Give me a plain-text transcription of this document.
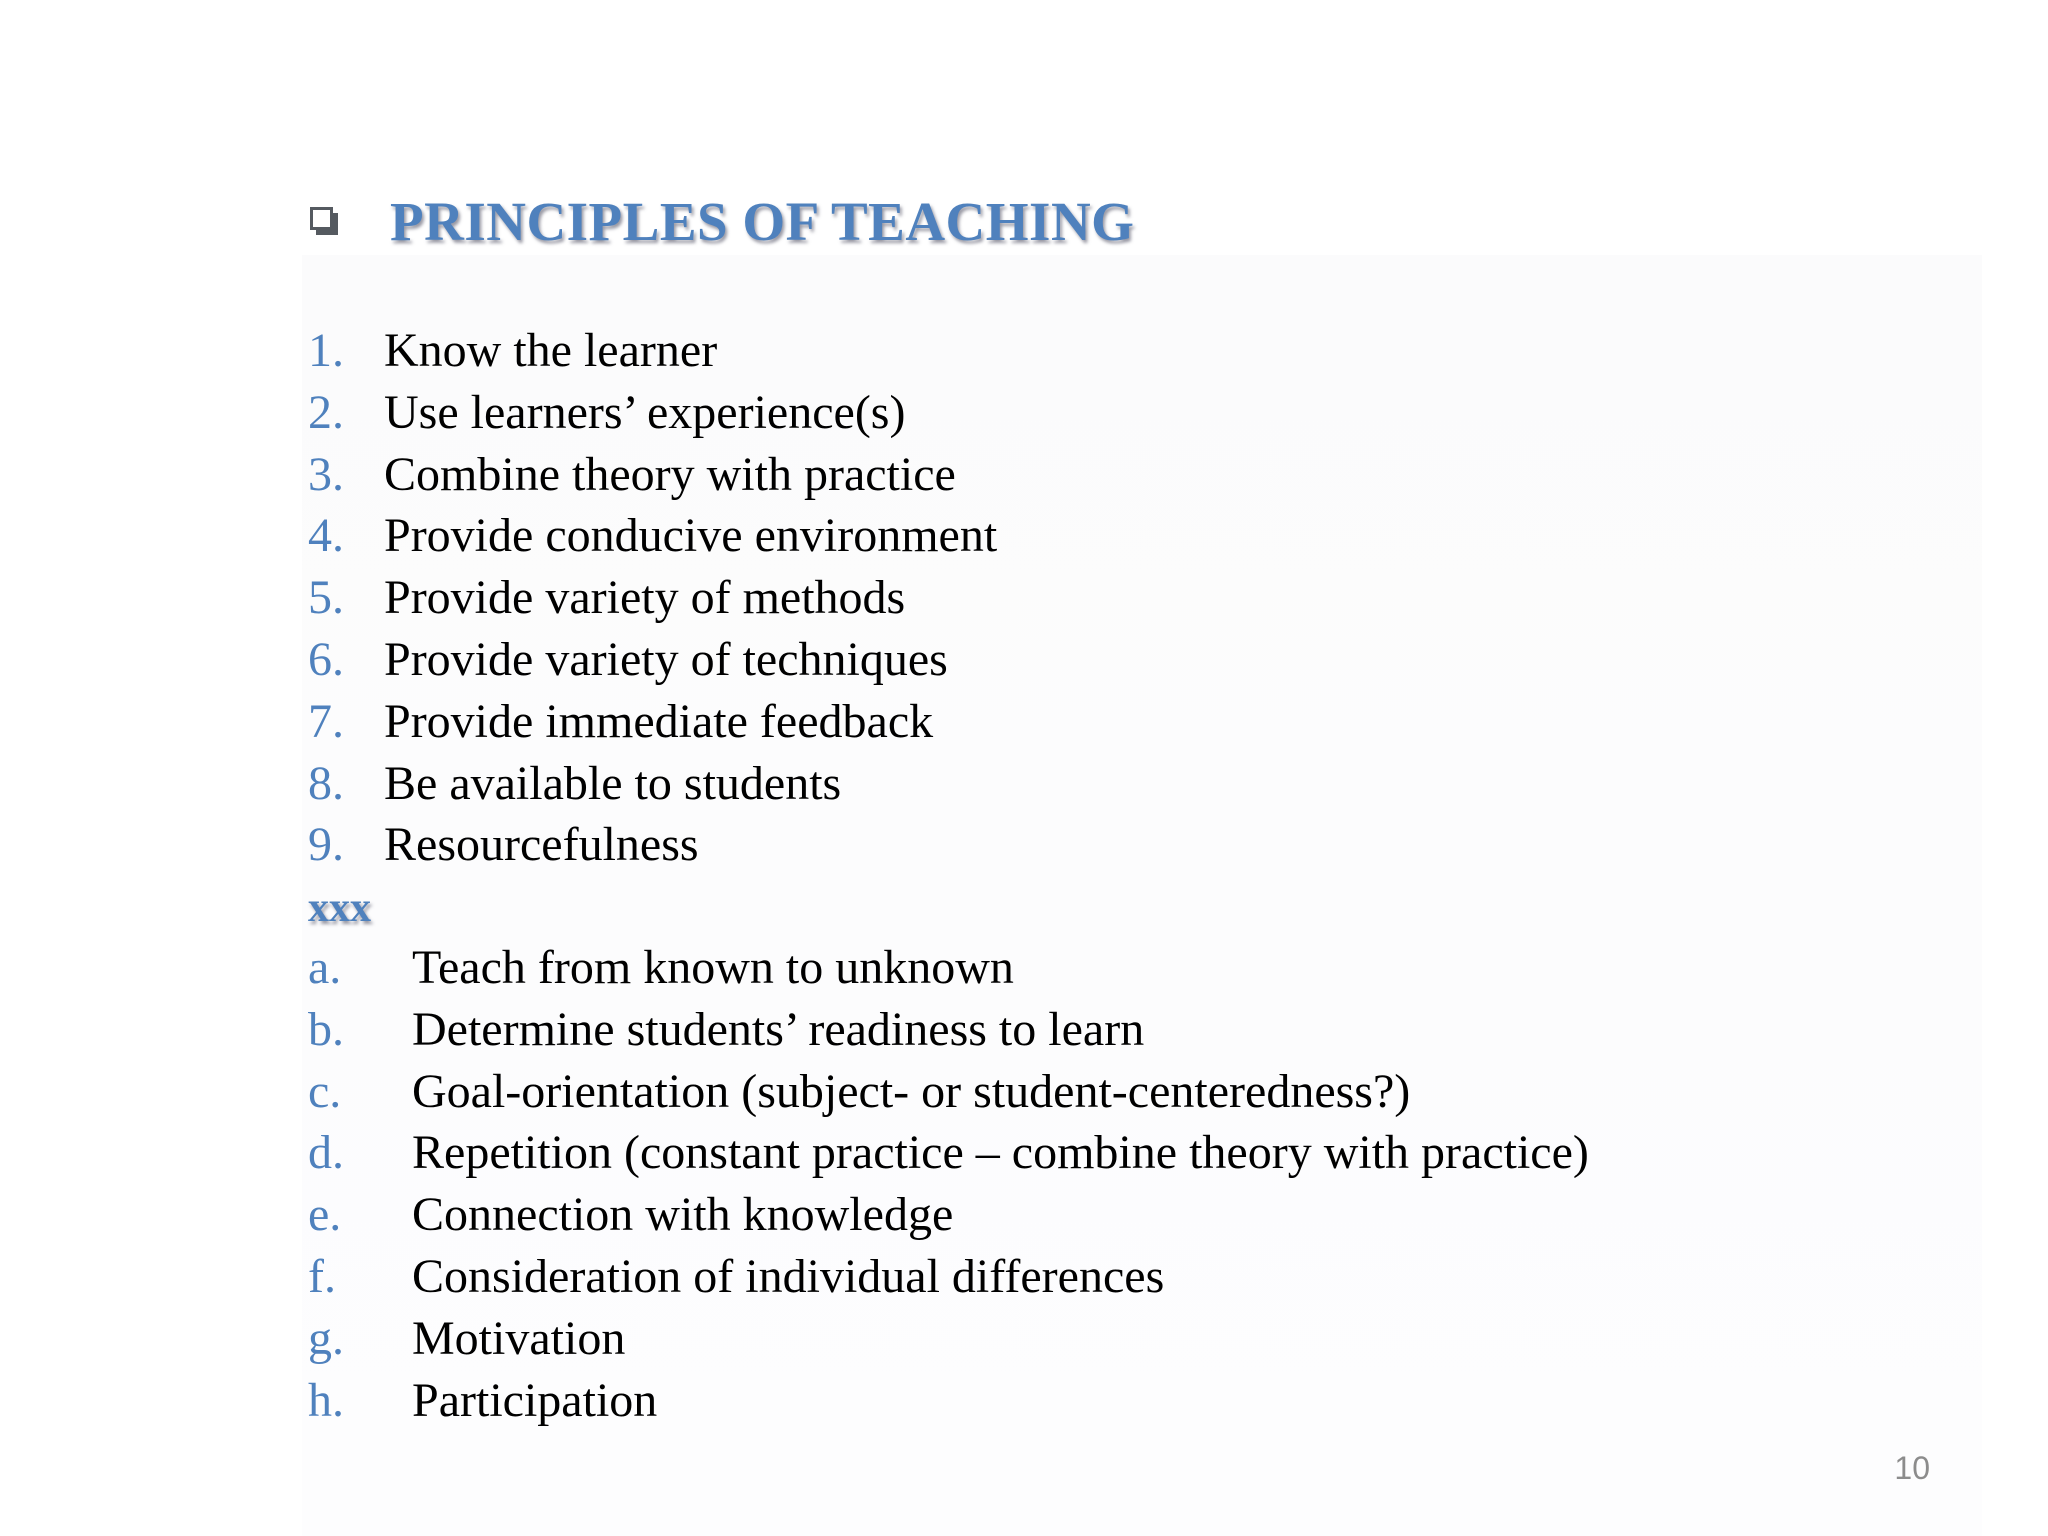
PRINCIPLES OF TEACHING
1. Know the learner
2. Use learners’ experience(s)
3. Combine theory with practice
4. Provide conducive environment
5. Provide variety of methods
6. Provide variety of techniques
7. Provide immediate feedback
8. Be available to students
9. Resourcefulness
xxx
a.	Teach from known to unknown
b.	Determine students’ readiness to learn
c.	Goal-orientation (subject- or student-centeredness?)
d.	Repetition (constant practice – combine theory with practice)
e.	Connection with knowledge
f.	Consideration of individual differences
g.	Motivation
h.	Participation
10
